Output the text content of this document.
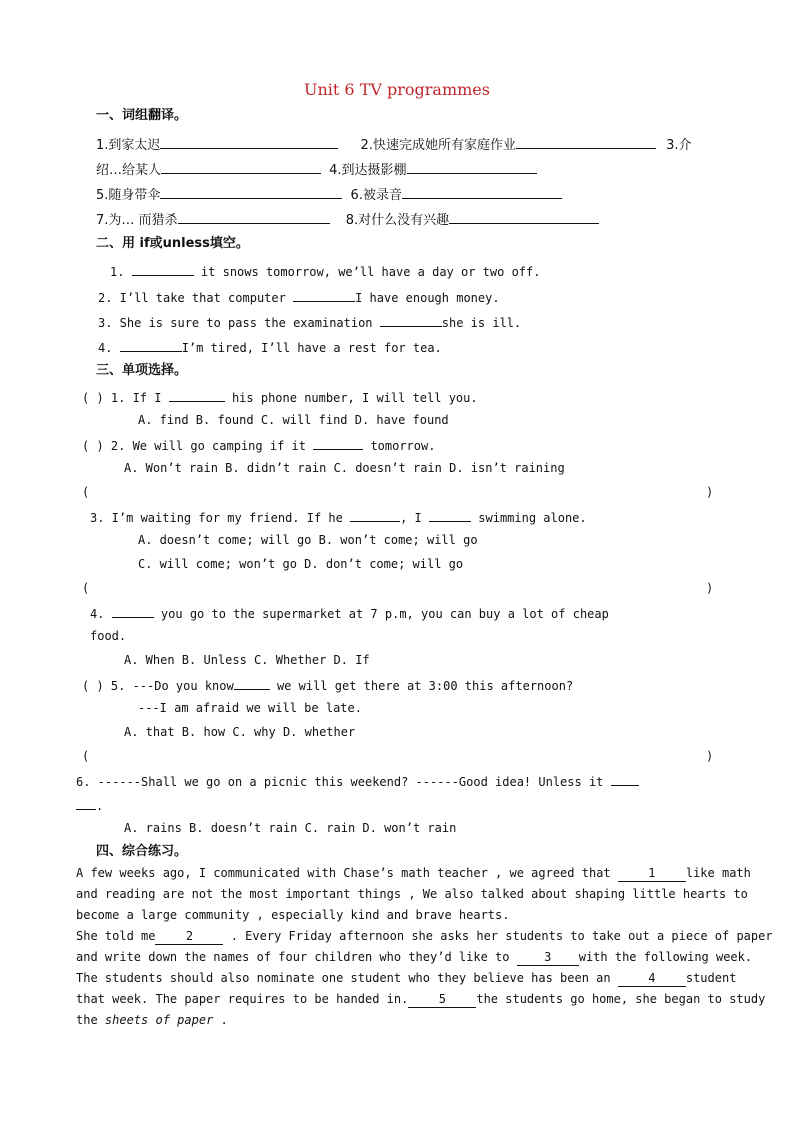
Unit 6 TV programmes
一、词组翻译。
1.到家太迟	2.快速完成她所有家庭作业	3.介
绍…给某人	4.到达摄影棚
5.随身带伞	6.被录音
7.为… 而猎杀	8.对什么没有兴趣
二、用 if或unless填空。
1.	it snows tomorrow, we’ll have a day or two off.
2. I’ll take that computer	I have enough money.
3. She is sure to pass the examination	she is ill.
4.	I’m tired, I’ll have a rest for tea.
三、单项选择。
( ) 1. If I	his phone number, I will tell you.
A. find B. found C. will find D. have found
( ) 2. We will go camping if it	tomorrow.
A. Won’t rain B. didn’t rain C. doesn’t rain D. isn’t raining
(	)
3. I’m waiting for my friend. If he	, I	swimming alone.
A. doesn’t come; will go B. won’t come; will go
C. will come; won’t go D. don’t come; will go
(	)
4.	you go to the supermarket at 7 p.m, you can buy a lot of cheap
food.
A. When B. Unless C. Whether D. If
( ) 5. ---Do you know	we will get there at 3:00 this afternoon?
---I am afraid we will be late.
A. that B. how C. why D. whether
(	)
6. ------Shall we go on a picnic this weekend? ------Good idea! Unless it
.
A. rains B. doesn’t rain C. rain D. won’t rain
四、综合练习。
A few weeks ago, I communicated with Chase’s math teacher , we agreed that	1	like math
and reading are not the most important things , We also talked about shaping little hearts to
become a large community , especially kind and brave hearts.
She told me	2	. Every Friday afternoon she asks her students to take out a piece of paper
and write down the names of four children who they’d like to	3 with the following week.
The students should also nominate one student who they believe has been an	4	student
that week. The paper requires to be handed in.	5	the students go home, she began to study
the sheets of paper .
